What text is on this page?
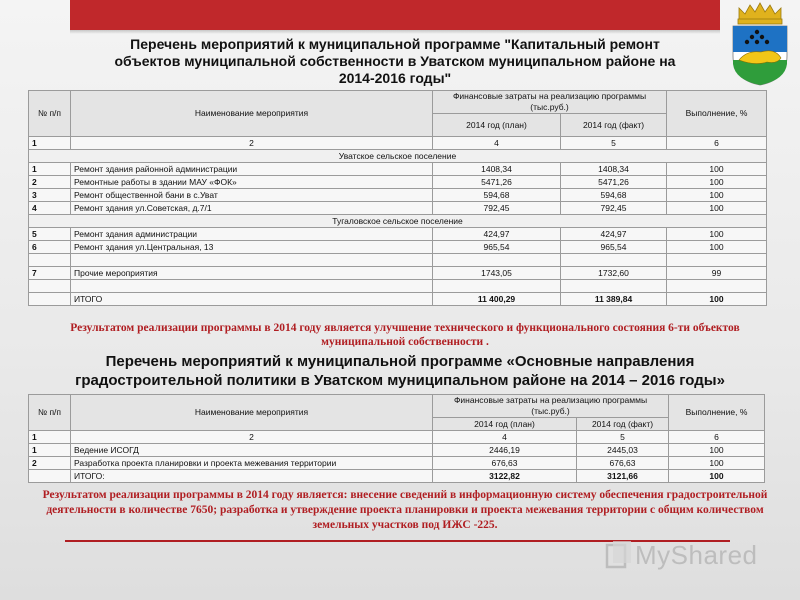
Перечень мероприятий к муниципальной программе "Капитальный ремонт объектов муниципальной собственности в Уватском муниципальном районе на 2014-2016 годы"
№ п/п	Наименование мероприятия	Финансовые затраты на реализацию программы (тыс.руб.)		Выполнение, %
		2014 год (план)	2014 год (факт)	
1	2	4	5	6
Уватское сельское поселение				
1	Ремонт здания районной администрации	1408,34	1408,34	100
2	Ремонтные работы в здании МАУ «ФОК»	5471,26	5471,26	100
3	Ремонт общественной бани в с.Уват	594,68	594,68	100
4	Ремонт здания ул.Советская, д.7/1	792,45	792,45	100
Тугаловское сельское поселение				
5	Ремонт здания администрации	424,97	424,97	100
6	Ремонт здания ул.Центральная, 13	965,54	965,54	100

7	Прочие мероприятия	1743,05	1732,60	99

	ИТОГО	11 400,29	11 389,84	100
Результатом реализации программы в 2014 году является улучшение технического и функционального состояния 6-ти объектов муниципальной собственности .
Перечень мероприятий к муниципальной программе «Основные направления градостроительной политики в Уватском муниципальном районе на 2014 – 2016 годы»
№ п/п	Наименование мероприятия	Финансовые затраты на реализацию программы (тыс.руб.)		Выполнение, %
		2014 год (план)	2014 год (факт)	
1	2	4	5	6
1	Ведение ИСОГД	2446,19	2445,03	100
2	Разработка проекта планировки и проекта межевания территории	676,63	676,63	100
	ИТОГО:	3122,82	3121,66	100
Результатом реализации программы в 2014 году является: внесение сведений в информационную систему обеспечения градостроительной деятельности в количестве 7650; разработка и утверждение проекта планировки и проекта межевания территории с общим количеством земельных участков под ИЖС -225.
MyShared
